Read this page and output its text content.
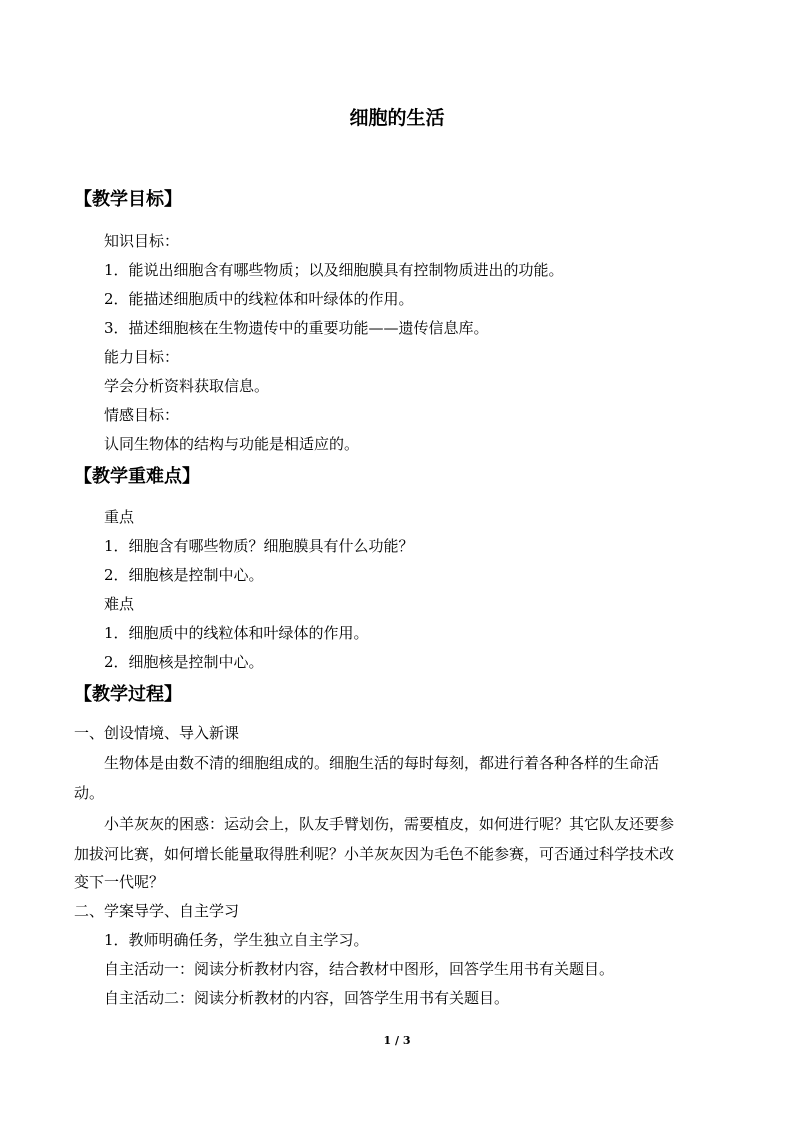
细胞的生活
【教学目标】
知识目标：
1．能说出细胞含有哪些物质；以及细胞膜具有控制物质进出的功能。
2．能描述细胞质中的线粒体和叶绿体的作用。
3．描述细胞核在生物遗传中的重要功能——遗传信息库。
能力目标：
学会分析资料获取信息。
情感目标：
认同生物体的结构与功能是相适应的。
【教学重难点】
重点
1．细胞含有哪些物质？细胞膜具有什么功能？
2．细胞核是控制中心。
难点
1．细胞质中的线粒体和叶绿体的作用。
2．细胞核是控制中心。
【教学过程】
一、创设情境、导入新课
生物体是由数不清的细胞组成的。细胞生活的每时每刻，都进行着各种各样的生命活
动。
小羊灰灰的困惑：运动会上，队友手臂划伤，需要植皮，如何进行呢？其它队友还要参
加拔河比赛，如何增长能量取得胜利呢？小羊灰灰因为毛色不能参赛，可否通过科学技术改
变下一代呢？
二、学案导学、自主学习
1．教师明确任务，学生独立自主学习。
自主活动一：阅读分析教材内容，结合教材中图形，回答学生用书有关题目。
自主活动二：阅读分析教材的内容，回答学生用书有关题目。
1 / 3
